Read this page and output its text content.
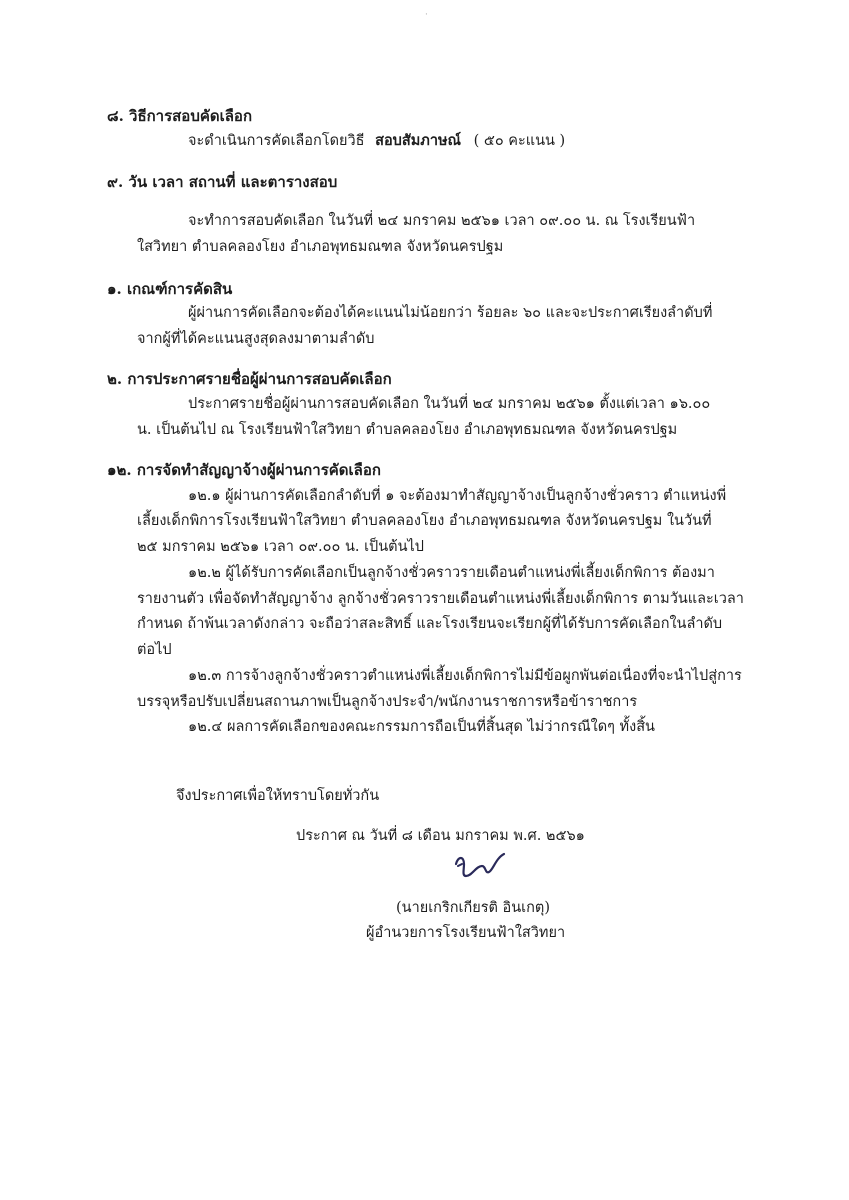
·
๘. วิธีการสอบคัดเลือก
จะดำเนินการคัดเลือกโดยวิธี สอบสัมภาษณ์ ( ๕๐ คะแนน )
๙. วัน เวลา สถานที่ และตารางสอบ
จะทำการสอบคัดเลือก ในวันที่ ๒๔ มกราคม ๒๕๖๑ เวลา ๐๙.๐๐ น. ณ โรงเรียนฟ้า
ใสวิทยา ตำบลคลองโยง อำเภอพุทธมณฑล จังหวัดนครปฐม
๑. เกณฑ์การคัดสิน
ผู้ผ่านการคัดเลือกจะต้องได้คะแนนไม่น้อยกว่า ร้อยละ ๖๐ และจะประกาศเรียงลำดับที่
จากผู้ที่ได้คะแนนสูงสุดลงมาตามลำดับ
๒. การประกาศรายชื่อผู้ผ่านการสอบคัดเลือก
ประกาศรายชื่อผู้ผ่านการสอบคัดเลือก ในวันที่ ๒๔ มกราคม ๒๕๖๑ ตั้งแต่เวลา ๑๖.๐๐
น. เป็นต้นไป ณ โรงเรียนฟ้าใสวิทยา ตำบลคลองโยง อำเภอพุทธมณฑล จังหวัดนครปฐม
๑๒. การจัดทำสัญญาจ้างผู้ผ่านการคัดเลือก
๑๒.๑ ผู้ผ่านการคัดเลือกลำดับที่ ๑ จะต้องมาทำสัญญาจ้างเป็นลูกจ้างชั่วคราว ตำแหน่งพี่
เลี้ยงเด็กพิการโรงเรียนฟ้าใสวิทยา ตำบลคลองโยง อำเภอพุทธมณฑล จังหวัดนครปฐม ในวันที่
๒๕ มกราคม ๒๕๖๑ เวลา ๐๙.๐๐ น. เป็นต้นไป
๑๒.๒ ผู้ได้รับการคัดเลือกเป็นลูกจ้างชั่วคราวรายเดือนตำแหน่งพี่เลี้ยงเด็กพิการ ต้องมา
รายงานตัว เพื่อจัดทำสัญญาจ้าง ลูกจ้างชั่วคราวรายเดือนตำแหน่งพี่เลี้ยงเด็กพิการ ตามวันและเวลา
กำหนด ถ้าพ้นเวลาดังกล่าว จะถือว่าสละสิทธิ์ และโรงเรียนจะเรียกผู้ที่ได้รับการคัดเลือกในลำดับ
ต่อไป
๑๒.๓ การจ้างลูกจ้างชั่วคราวตำแหน่งพี่เลี้ยงเด็กพิการไม่มีข้อผูกพันต่อเนื่องที่จะนำไปสู่การ
บรรจุหรือปรับเปลี่ยนสถานภาพเป็นลูกจ้างประจำ/พนักงานราชการหรือข้าราชการ
๑๒.๔ ผลการคัดเลือกของคณะกรรมการถือเป็นที่สิ้นสุด ไม่ว่ากรณีใดๆ ทั้งสิ้น
จึงประกาศเพื่อให้ทราบโดยทั่วกัน
ประกาศ ณ วันที่ ๘ เดือน มกราคม พ.ศ. ๒๕๖๑
(นายเกริกเกียรติ อินเกตุ)
ผู้อำนวยการโรงเรียนฟ้าใสวิทยา
